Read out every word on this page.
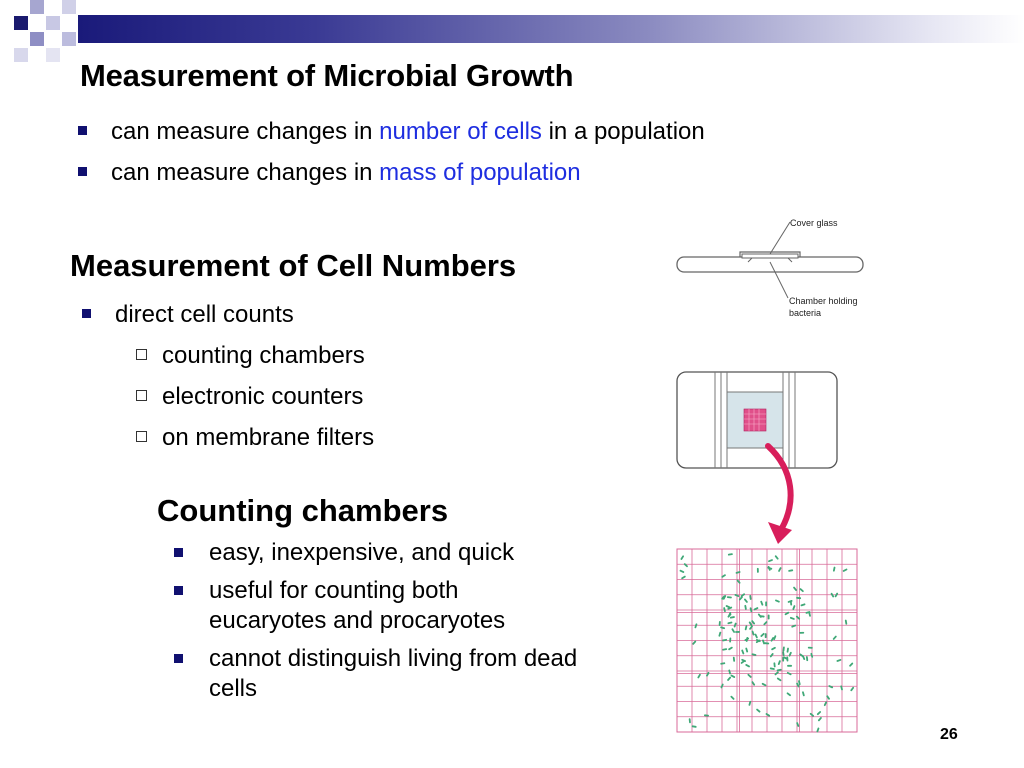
Measurement of Microbial Growth
can measure changes in number of cells in a population
can measure changes in mass of population
Measurement of Cell Numbers
direct cell counts
counting chambers
electronic counters
on membrane filters
Counting chambers
easy, inexpensive, and quick
useful for counting both eucaryotes and procaryotes
cannot distinguish living from dead cells
Cover glass
Chamber holding
bacteria
26
